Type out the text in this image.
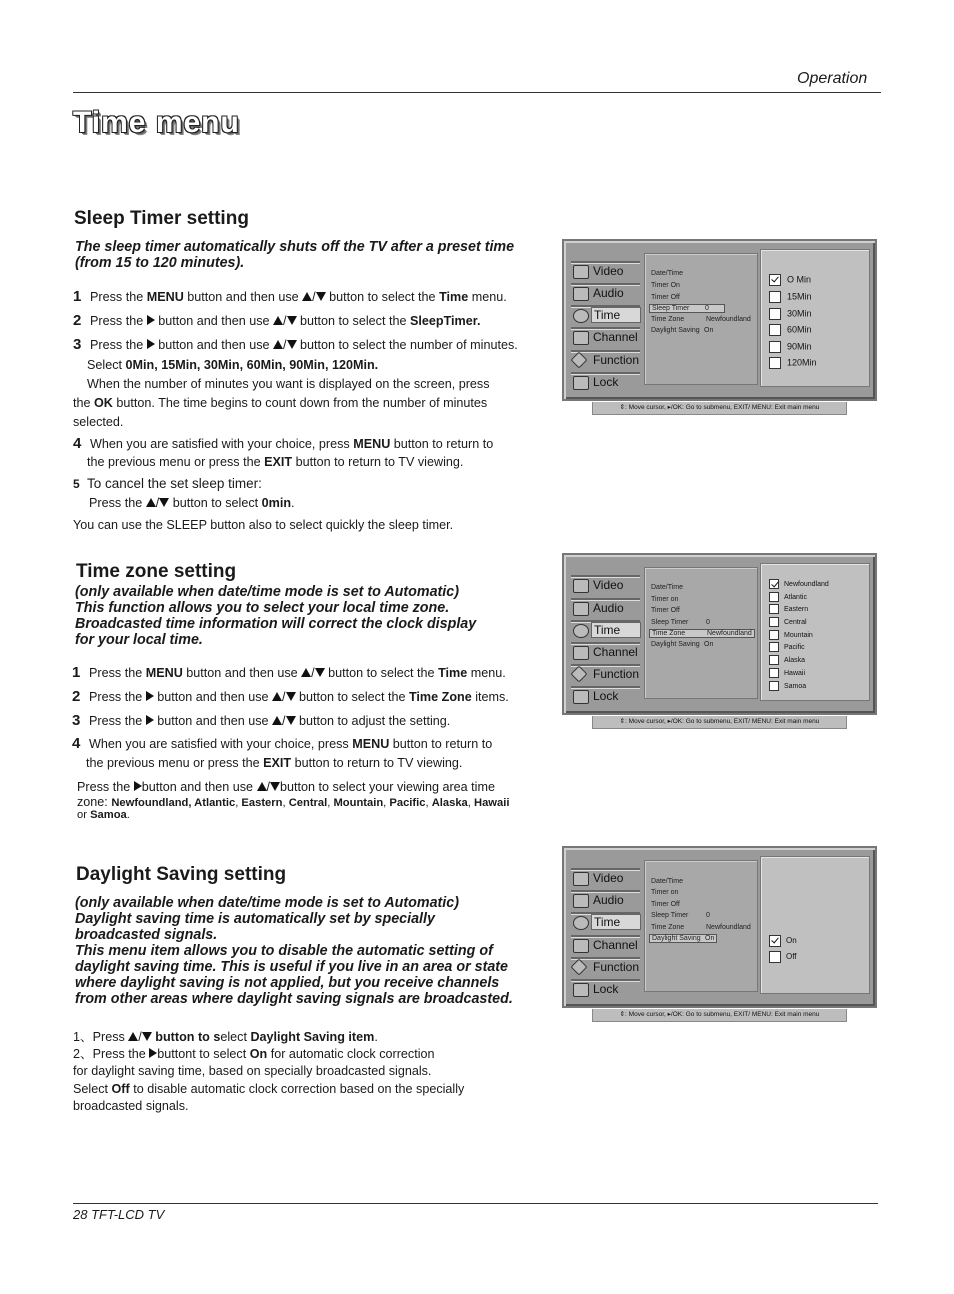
Operation
Time menu
Sleep Timer setting
The sleep timer automatically shuts off the TV after a preset time
(from 15 to 120 minutes).
1 Press the MENU button and then use / button to select the Time menu.
2 Press the  button and then use / button to select the SleepTimer.
3 Press the  button and then use / button to select the number of minutes.
Select 0Min, 15Min, 30Min, 60Min, 90Min, 120Min.
When the number of minutes you want is displayed on the screen, press
the OK button. The time begins to count down from the number of minutes
selected.
4 When you are satisfied with your choice, press MENU button to return to
the previous menu or press the EXIT button to return to TV viewing.
5 To cancel the set sleep timer:
Press the / button to select 0min.
You can use the SLEEP button also to select quickly the sleep timer.
Video
Audio
Time
Channel
Function
Lock
Date/Time
Timer On
Timer Off
Sleep Timer 0
Time Zone	Newfoundland
Daylight Saving On
O Min
15Min
30Min
60Min
90Min
120Min
⇕: Move cursor, ▸/OK: Go to submenu, EXIT/ MENU: Exit main menu
Time zone setting
(only available when date/time mode is set to Automatic)
This function allows you to select your local time zone.
Broadcasted time information will correct the clock display
for your local time.
1 Press the MENU button and then use / button to select the Time menu.
2 Press the  button and then use / button to select the Time Zone items.
3 Press the  button and then use / button to adjust the setting.
4 When you are satisfied with your choice, press MENU button to return to
the previous menu or press the EXIT button to return to TV viewing.
Press the button and then use / button to select your viewing area time
zone: Newfoundland, Atlantic, Eastern, Central, Mountain, Pacific, Alaska, Hawaii
or Samoa.
Video
Audio
Time
Channel
Function
Lock
Date/Time
Timer on
Timer Off
Sleep Timer	0
Time Zone	Newfoundland
Daylight Saving On
Newfoundland
Atlantic
Eastern
Central
Mountain
Pacific
Alaska
Hawaii
Samoa
⇕: Move cursor, ▸/OK: Go to submenu, EXIT/ MENU: Exit main menu
Daylight Saving setting
(only available when date/time mode is set to Automatic)
Daylight saving time is automatically set by specially
broadcasted signals.
This menu item allows you to disable the automatic setting of
daylight saving time. This is useful if you live in an area or state
where daylight saving is not applied, but you receive channels
from other areas where daylight saving signals are broadcasted.
1、Press / button to select Daylight Saving item.
2、Press the buttont to select On for automatic clock correction
for daylight saving time, based on specially broadcasted signals.
Select Off to disable automatic clock correction based on the specially
broadcasted signals.
Video
Audio
Time
Channel
Function
Lock
Date/Time
Timer on
Timer Off
Sleep Timer	0
Time Zone	Newfoundland
Daylight Saving On	On
Off
⇕: Move cursor, ▸/OK: Go to submenu, EXIT/ MENU: Exit main menu
28 TFT-LCD TV
